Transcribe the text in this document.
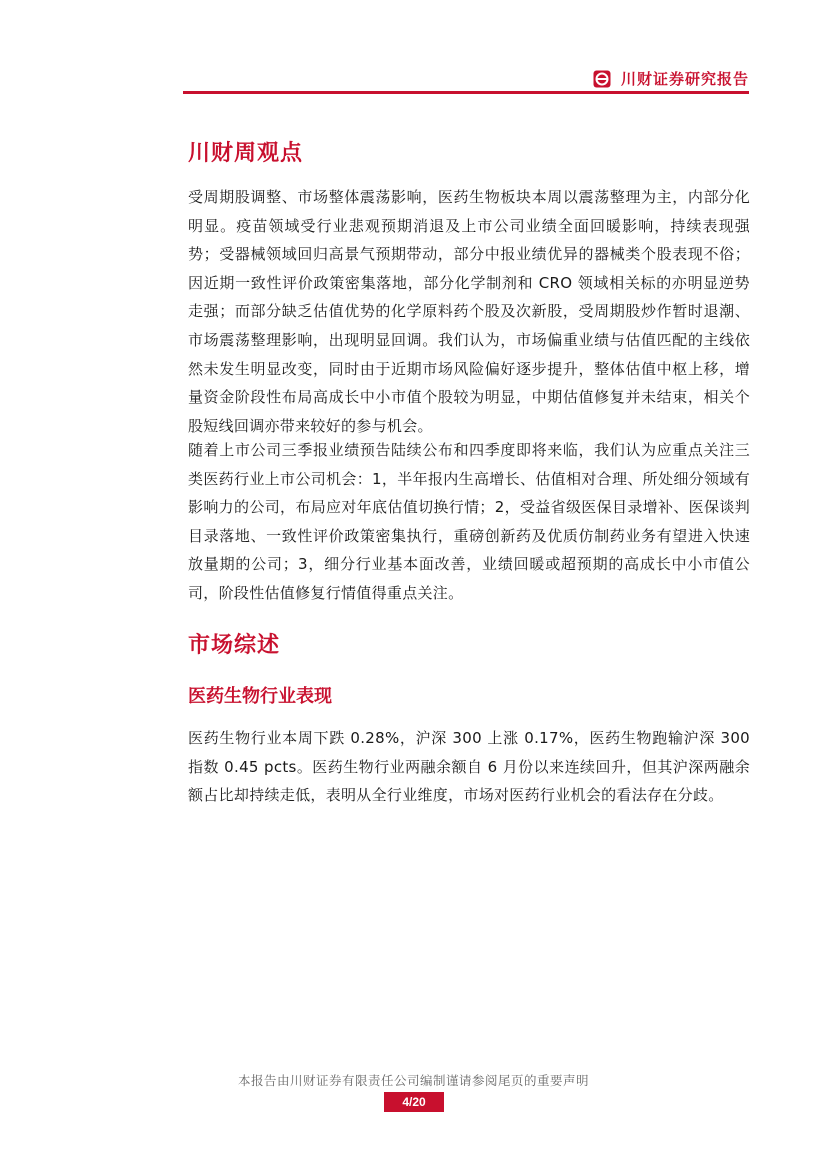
川财证券研究报告
川财周观点

受周期股调整、市场整体震荡影响，医药生物板块本周以震荡整理为主，内部分化明显。疫苗领域受行业悲观预期消退及上市公司业绩全面回暖影响，持续表现强势；受器械领域回归高景气预期带动，部分中报业绩优异的器械类个股表现不俗；因近期一致性评价政策密集落地，部分化学制剂和 CRO 领域相关标的亦明显逆势走强；而部分缺乏估值优势的化学原料药个股及次新股，受周期股炒作暂时退潮、市场震荡整理影响，出现明显回调。我们认为，市场偏重业绩与估值匹配的主线依然未发生明显改变，同时由于近期市场风险偏好逐步提升，整体估值中枢上移，增量资金阶段性布局高成长中小市值个股较为明显，中期估值修复并未结束，相关个股短线回调亦带来较好的参与机会。

随着上市公司三季报业绩预告陆续公布和四季度即将来临，我们认为应重点关注三类医药行业上市公司机会：1，半年报内生高增长、估值相对合理、所处细分领域有影响力的公司，布局应对年底估值切换行情；2，受益省级医保目录增补、医保谈判目录落地、一致性评价政策密集执行，重磅创新药及优质仿制药业务有望进入快速放量期的公司；3，细分行业基本面改善，业绩回暖或超预期的高成长中小市值公司，阶段性估值修复行情值得重点关注。

市场综述
医药生物行业表现

医药生物行业本周下跌 0.28%，沪深 300 上涨 0.17%，医药生物跑输沪深 300 指数 0.45 pcts。医药生物行业两融余额自 6 月份以来连续回升，但其沪深两融余额占比却持续走低，表明从全行业维度，市场对医药行业机会的看法存在分歧。

本报告由川财证券有限责任公司编制谨请参阅尾页的重要声明
4/20
